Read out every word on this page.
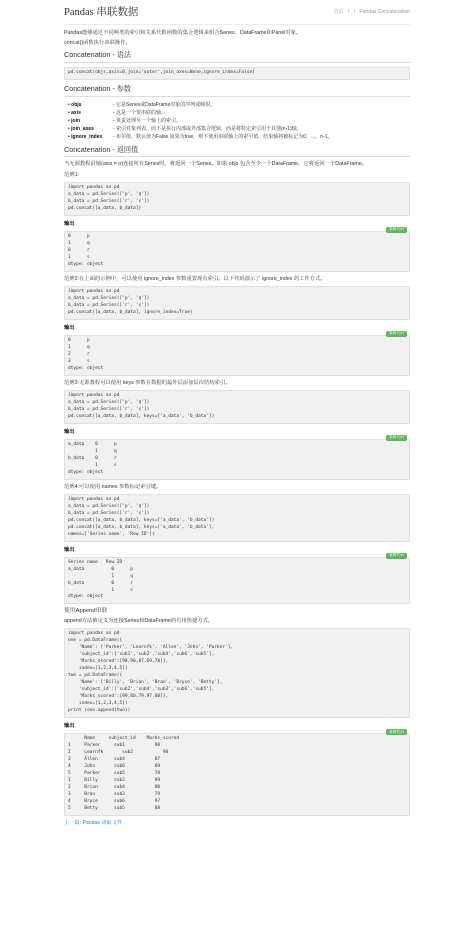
Pandas 串联数据	首页 / / Pandas Concatenation

Pandas能够通过不同种类的索引和关系代数函数的集合逻辑来组合Series、DataFrame和Panel对象。

concat()函数执行串联操作。

Concatenation - 语法
pd.concat(objs,axis=0,join='outer',join_axes=None,ignore_index=False)
Concatenation - 参数
• objs	- 它是Series或DataFrame对象的序列或映射。
• axis	- 这是一个要串联的轴。
• join	- 负责处理另一个轴上的索引。
• join_axes	- 索引对象列表。而不是执行内部或外部集合逻辑，而是将特定索引用于其他(n-1)轴。
• ignore_index	- 布尔值，默认值为False 如果为true，则不使用串联轴上的索引值。结果轴将被标记为0，...，n-1。
Concatenation - 返回值

当无源教程沿轴(axis = o)连接所有Series时，将返回一个Series。如果 objs 包含至少一个DataFrame，它将返回一个DataFrame。

范例1:

import pandas as pd
a_data = pd.Series(['p', 'q'])
b_data = pd.Series(['r', 's'])
pd.concat([a_data, b_data])
输出
复制代码
0      p
1      q
0      r
1      s
dtype: object

范例2:在上面的示例中，可以使用 ignore_index 参数重置现有索引。以下代码演示了 ignore_index 的工作方式。

import pandas as pd
a_data = pd.Series(['p', 'q'])
b_data = pd.Series(['r', 's'])
pd.concat([a_data, b_data], ignore_index=True)
输出
复制代码
0      p
1      q
2      r
3      s
dtype: object

范例3:无源教程可以使用 keys 参数在数据的最外层添加层次结构索引。

import pandas as pd
a_data = pd.Series(['p', 'q'])
b_data = pd.Series(['r', 's'])
pd.concat([a_data, b_data], keys=['a_data', 'b_data'])
输出
复制代码
a_data    0      p
1      q
b_data    0      r
1      s
dtype: object

范例4:可以使用 names 参数标记索引键。

import pandas as pd
a_data = pd.Series(['p', 'q'])
b_data = pd.Series(['r', 's'])
pd.concat([a_data, b_data], keys=['a_data', 'b_data'])
pd.concat([a_data, b_data], keys=['a_data', 'b_data'],
names=['Series name', 'Row ID'])
输出
复制代码
Series name   Row ID
a_data          0      p
1      q
b_data          0      r
1      s
dtype: object
使用Append串联

append方法被定义为连接Series和DataFrame的有用快捷方式。

import pandas as pd
one = pd.DataFrame({
'Name': ['Parker', 'Learnfk', 'Allen', 'John', 'Parker'],
'subject_id':['sub1','sub2','sub4','sub6','sub5'],
'Marks_scored':[98,90,87,69,78]},
index=[1,2,3,4,5])
two = pd.DataFrame({
'Name': ['Billy', 'Brian', 'Bran', 'Bryce', 'Betty'],
'subject_id':['sub2','sub4','sub3','sub6','sub5'],
'Marks_scored':[89,80,79,97,88]},
index=[1,2,3,4,5])
print (one.append(two))
输出
复制代码
Name     subject_id    Marks_scored
1     Parker     sub1           98
2     Learnfk       sub2           90
3     Allen      sub4           87
4     John       sub6           69
5     Parker     sub5           78
1     Billy      sub2           89
2     Brian      sub4           80
3     Bran       sub3           79
4     Bryce      sub6           97
5     Betty      sub5           88
上一篇: Pandas 读取文件
